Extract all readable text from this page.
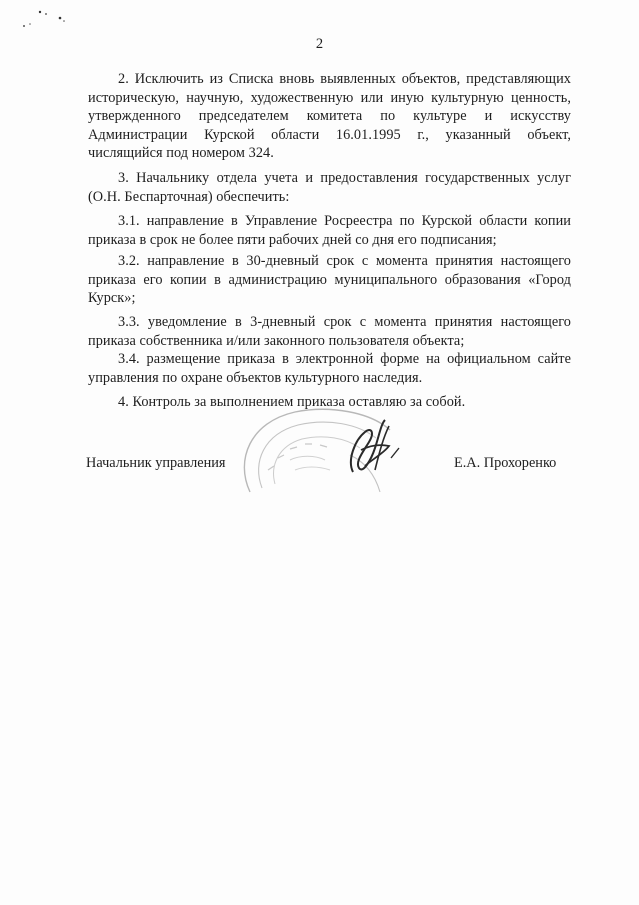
2

2. Исключить из Списка вновь выявленных объектов, представляющих историческую, научную, художественную или иную культурную ценность, утвержденного председателем комитета по культуре и искусству Администрации Курской области 16.01.1995 г., указанный объект, числящийся под номером 324.

3. Начальнику отдела учета и предоставления государственных услуг (О.Н. Беспарточная) обеспечить:

3.1. направление в Управление Росреестра по Курской области копии приказа в срок не более пяти рабочих дней со дня его подписания;

3.2. направление в 30-дневный срок с момента принятия настоящего приказа его копии в администрацию муниципального образования «Город Курск»;

3.3. уведомление в 3-дневный срок с момента принятия настоящего приказа собственника и/или законного пользователя объекта;

3.4. размещение приказа в электронной форме на официальном сайте управления по охране объектов культурного наследия.

4. Контроль за выполнением приказа оставляю за собой.

Начальник управления	Е.А. Прохоренко
